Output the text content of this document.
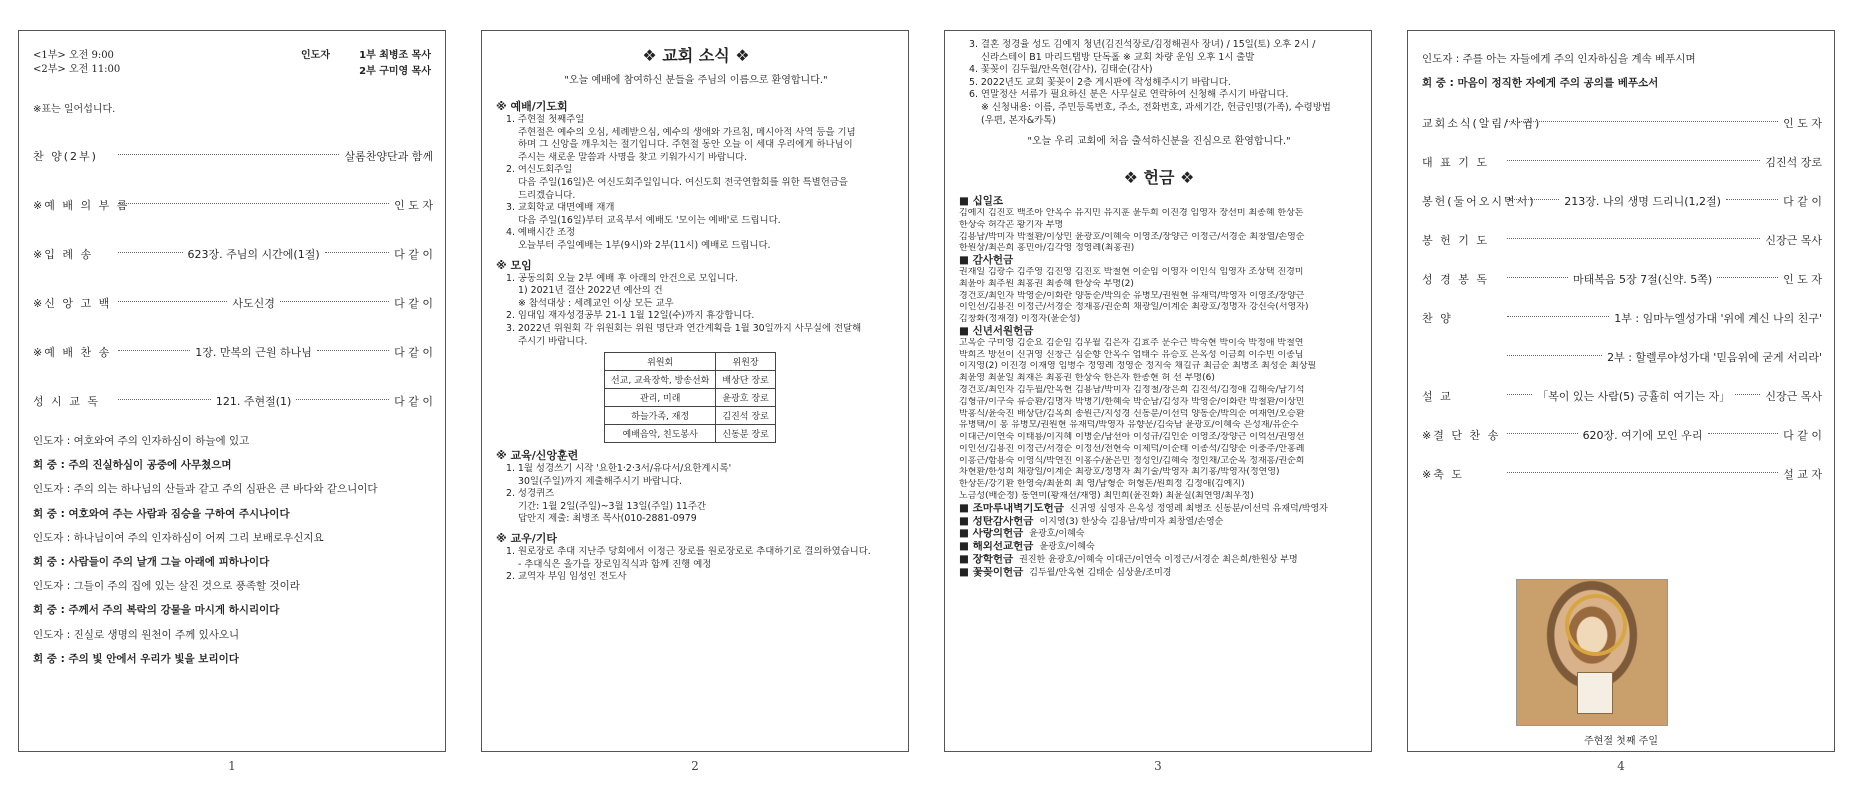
<1부> 오전 9:00
<2부> 오전 11:00
인도자	1부 최병조 목사
2부 구미영 목사
※표는 일어섭니다.
찬 양(2부)	살롬찬양단과 함께
※예 배 의 부 름	인 도 자
※입 례 송	623장. 주님의 시간에(1절)	다 같 이
※신 앙 고 백	사도신경	다 같 이
※예 배 찬 송	1장. 만복의 근원 하나님	다 같 이
성 시 교 독	121. 주현절(1)	다 같 이
인도자 : 여호와여 주의 인자하심이 하늘에 있고
회 중 : 주의 진실하심이 공중에 사무쳤으며
인도자 : 주의 의는 하나님의 산들과 같고 주의 심판은 큰 바다와 같으니이다
회 중 : 여호와여 주는 사람과 짐승을 구하여 주시나이다
인도자 : 하나님이여 주의 인자하심이 어찌 그리 보배로우신지요
회 중 : 사람들이 주의 날개 그늘 아래에 피하나이다
인도자 : 그들이 주의 집에 있는 살진 것으로 풍족할 것이라
회 중 : 주께서 주의 복락의 강물을 마시게 하시리이다
인도자 : 진실로 생명의 원천이 주께 있사오니
회 중 : 주의 빛 안에서 우리가 빛을 보리이다
1
❖ 교회 소식 ❖
"오늘 예배에 참여하신 분들을 주님의 이름으로 환영합니다."
※ 예배/기도회
1. 주현절 첫째주일
주현절은 예수의 오심, 세례받으심, 예수의 생애와 가르침, 메시아적 사역 등을 기념
하며 그 신앙을 깨우치는 절기입니다. 주현절 동안 오늘 이 세대 우리에게 하나님이
주시는 새로운 말씀과 사명을 찾고 키워가시기 바랍니다.
2. 여신도회주일
다음 주일(16일)은 여신도회주일입니다. 여신도회 전국연합회를 위한 특별헌금을
드리겠습니다.
3. 교회학교 대면예배 재개
다음 주일(16일)부터 교육부서 예배도 '모이는 예배'로 드립니다.
4. 예배시간 조정
오늘부터 주일예배는 1부(9시)와 2부(11시) 예배로 드립니다.
※ 모임
1. 공동의회 오늘 2부 예배 후 아래의 안건으로 모입니다.
1) 2021년 결산 2022년 예산의 건
※ 참석대상 : 세례교인 이상 모든 교우
2. 임대입 재자성경공부 21-1 1월 12일(수)까지 휴강합니다.
3. 2022년 위원회 각 위원회는 위원 명단과 연간계획을 1월 30일까지 사무실에 전달해
주시기 바랍니다.
위원회	위원장
선교, 교육장학, 방송선화	배상단 장로
관리, 미래	윤광호 장로
하늘가족, 재정	김진석 장로
예배음악, 친도봉사	신동분 장로
※ 교육/신앙훈련
1. 1월 성경쓰기 시작 '요한1·2·3서/유다서/요한계시록'
30일(주일)까지 제출해주시기 바랍니다.
2. 성경퀴즈
기간: 1월 2일(주일)~3월 13일(주일) 11주간
답안지 제출: 최병조 목사(010-2881-0979
※ 교우/기타
1. 원로장로 추대 지난주 당회에서 이정근 장로를 원로장로로 추대하기로 결의하였습니다.
- 추대식은 올가을 장로임직식과 함께 진행 예정
2. 교역자 부임 임성인 전도사
2
3. 결혼 정경율 성도 김예지 청년(김진석장로/김정해권사 장녀) / 15일(토) 오후 2시 /
신라스테이 B1 마리드탭방 단독홀 ※ 교회 차량 운임 오후 1시 출발
4. 꽃꽂이 김두월/안옥현(감사), 김태순(감사)
5. 2022년도 교회 꽃꽂이 2층 게시판에 작성해주시기 바랍니다.
6. 연말정산 서류가 필요하신 분은 사무실로 연락하여 신청해 주시기 바랍니다.
※ 신청내용: 이름, 주민등록번호, 주소, 전화번호, 과세기간, 헌금인명(가족), 수령방법
(우편, 본자&카톡)
"오늘 우리 교회에 처음 출석하신분을 진심으로 환영합니다."
❖ 헌금 ❖
■ 십일조
김예지 김진호 백조아 안옥수 유지민 유지훈 윤두희 이진경 임영자 장선미 최종혜 한상돈
한상숙 허각곤 황기자 부명
김용남/박미자 박철환/이상민 윤광호/이혜숙 이영조/장양근 이정근/서경순 최창열/손영순
한원상/최은희 홍민아/김각영 정영례(최홍권)
■ 감사헌금
권재일 김광수 김주영 김진영 김진호 박철현 이순임 이영자 이인식 임영자 조상택 진경미
최윤아 최주원 최홍권 최종혜 한상숙 부명(2)
경건호/최인자 박영순/이화란 양동순/박의순 유병모/권원현 유재덕/박영자 이영조/장양근
이인선/김용진 이정근/서경순 정재흥/권순희 채광일/이계순 최광호/정명자 강신숙(서영자)
김창화(정재경) 이정자(윤순성)
■ 신년서원헌금
고옥순 구미영 김순요 김순임 김우월 김은자 김효주 문수근 박숙현 박이숙 박정애 박철연
박희즈 방선이 신귀영 신창근 심순향 안옥수 엄태수 유승호 은옥성 이금희 이수빈 이종님
이지영(2) 이진경 이재영 임병수 정영례 정영순 정지숙 채길규 최금순 최병조 최성순 최상필
최윤영 최윤일 최재은 최홍권 한상숙 한은자 한종현 허 선 부명(6)
경건호/최인자 김두월/안옥현 김용남/박미자 김정철/장은희 김진석/김정애 김해숙/남기석
김형규/이구숙 류승환/김명자 박병기/한혜숙 박순남/김성자 박영순/이화란 박철환/이상민
박홍식/윤숙진 배상단/김옥희 송원근/지성경 신동분/이선덕 양동순/박의순 여재연/오승환
유병택/이 봉 유병모/권원현 유재덕/박영자 유향문/김숙남 윤광호/이혜숙 은성재/유순수
이대근/이연숙 이태룡/이지혜 이병순/남선아 이성규/김인순 이영조/장양근 이억선/권영선
이인선/김용진 이정근/서경순 이정선/전현숙 이제덕/이순태 이종석/김양순 이충주/안홍례
이흥근/함용숙 이영식/박연진 이홍수/윤은민 정성인/김혜숙 정인채/고순옥 정재흥/권순희
차현환/한성희 채광일/이계순 최광호/정명자 최기술/박영자 최기홍/박영자(정연영)
한상돈/강기환 한영숙/최윤희 최 영/남형순 허형돈/원희정 김정애(김예지)
노금성(배순정) 동연미(황재선/재영) 최민희(윤진화) 최윤실(최연영/최우정)
■ 조마루내벽기도헌금 신귀영 심영자 은옥성 정영례 최병조 신동분/이선덕 유재덕/박영자
■ 성탄감사헌금 이지영(3) 한상숙 김용남/박미자 최창열/손영순
■ 사랑의헌금 윤광호/이혜숙
■ 해외선교헌금 윤광호/이혜숙
■ 장학헌금 권진한 윤광호/이혜숙 이대근/이연숙 이정근/서경순 최은희/한원상 부명
■ 꽃꽂이헌금 김두월/안옥현 김태순 심상윤/조미경
3
인도자 : 주를 아는 자들에게 주의 인자하심을 계속 베푸시며
회 중 : 마음이 정직한 자에게 주의 공의를 베푸소서
교회소식(알림/사귐)	인 도 자
대 표 기 도	김진석 장로
봉헌(둘어오시면서)	213장. 나의 생명 드리니(1,2절)	다 같 이
봉 헌 기 도	신장근 목사
성 경 봉 독	마태복음 5장 7절(신약. 5쪽)	인 도 자
찬 양	1부 : 임마누엘성가대 '위에 계신 나의 친구'
2부 : 할렐루야성가대 '믿음위에 굳게 서리라'
설 교	「복이 있는 사람(5) 긍휼히 여기는 자」	신장근 목사
※결 단 찬 송	620장. 여기에 모인 우리	다 같 이
※축 도	설 교 자
주현절 첫째 주일
4
